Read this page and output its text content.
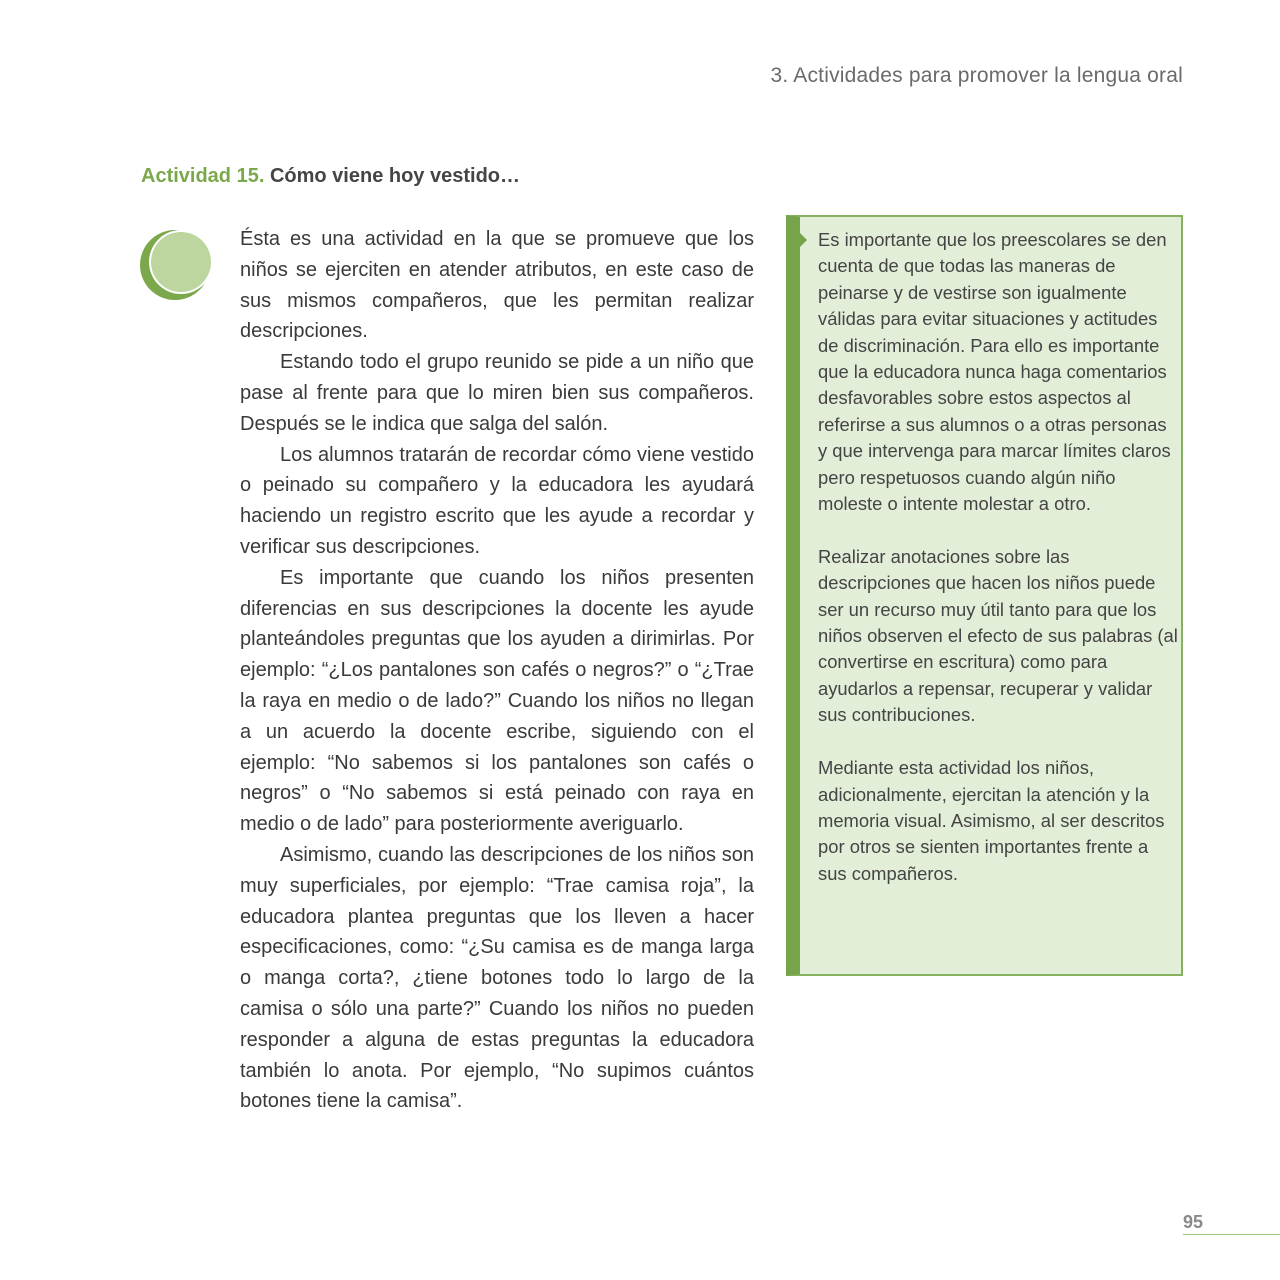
3. Actividades para promover la lengua oral
Actividad 15. Cómo viene hoy vestido…

Ésta es una actividad en la que se promueve que los niños se ejerciten en atender atributos, en este caso de sus mismos compañeros, que les permitan realizar descripciones.

Estando todo el grupo reunido se pide a un niño que pase al frente para que lo miren bien sus compañeros. Después se le indica que salga del salón.

Los alumnos tratarán de recordar cómo viene vestido o peinado su compañero y la educadora les ayudará haciendo un registro escrito que les ayude a recordar y verificar sus descripciones.

Es importante que cuando los niños presenten diferencias en sus descripciones la docente les ayude planteándoles preguntas que los ayuden a dirimirlas. Por ejemplo: “¿Los pantalones son cafés o negros?” o “¿Trae la raya en medio o de lado?” Cuando los niños no llegan a un acuerdo la docente escribe, siguiendo con el ejemplo: “No sabemos si los pantalones son cafés o negros” o “No sabemos si está peinado con raya en medio o de lado” para posteriormente averiguarlo.

Asimismo, cuando las descripciones de los niños son muy superficiales, por ejemplo: “Trae camisa roja”, la educadora plantea preguntas que los lleven a hacer especificaciones, como: “¿Su camisa es de manga larga o manga corta?, ¿tiene botones todo lo largo de la camisa o sólo una parte?” Cuando los niños no pueden responder a alguna de estas preguntas la educadora también lo anota. Por ejemplo, “No supimos cuántos botones tiene la camisa”.

Es importante que los preescolares se den cuenta de que todas las maneras de peinarse y de vestirse son igualmente válidas para evitar situaciones y actitudes de discriminación. Para ello es importante que la educadora nunca haga comentarios desfavorables sobre estos aspectos al referirse a sus alumnos o a otras personas y que intervenga para marcar límites claros pero respetuosos cuando algún niño moleste o intente molestar a otro.

Realizar anotaciones sobre las descripciones que hacen los niños puede ser un recurso muy útil tanto para que los niños observen el efecto de sus palabras (al convertirse en escritura) como para ayudarlos a repensar, recuperar y validar sus contribuciones.

Mediante esta actividad los niños, adicionalmente, ejercitan la atención y la memoria visual. Asimismo, al ser descritos por otros se sienten importantes frente a sus compañeros.

95
